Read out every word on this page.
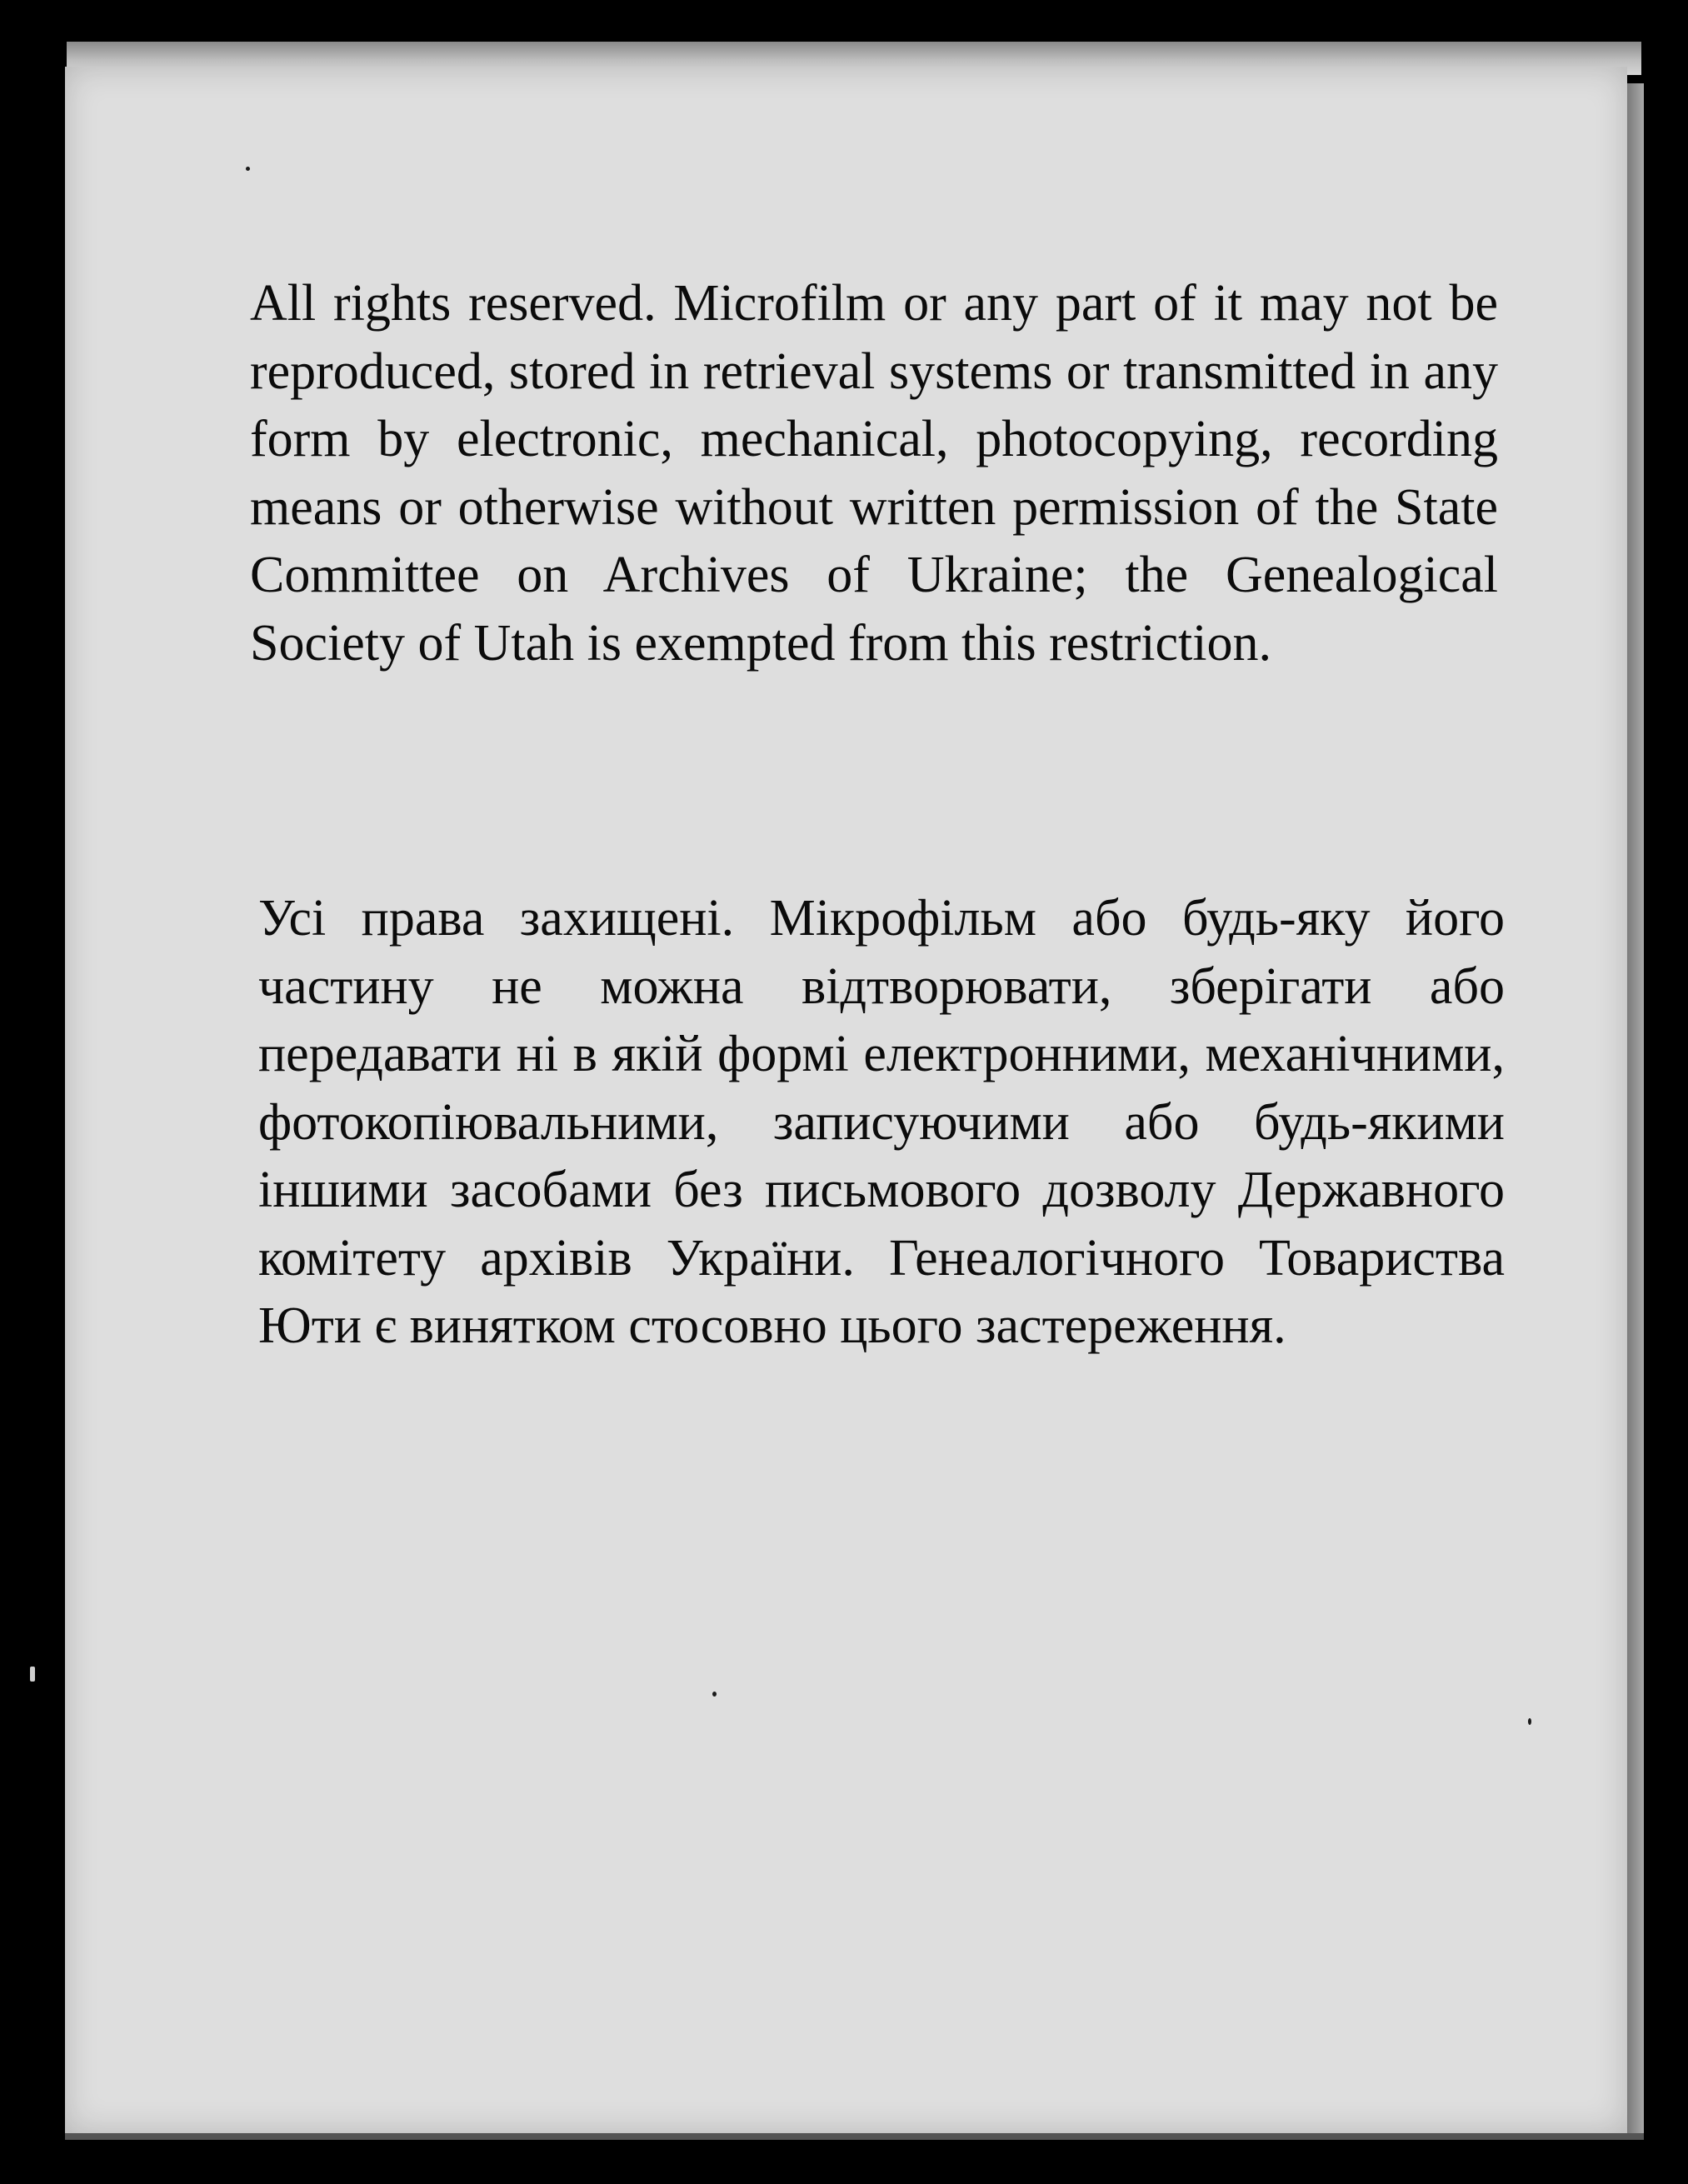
All rights reserved. Microfilm or any part of it may not be reproduced, stored in retrieval systems or transmitted in any form by electronic, mechanical, photocopying, recording means or otherwise without written permission of the State Committee on Archives of Ukraine; the Genealogical Society of Utah is exempted from this restriction.

Усі права захищені. Мікрофільм або будь-яку його частину не можна відтворювати, зберігати або передавати ні в якій формі електронними, механічними, фотокопіювальними, записуючими або будь-якими іншими засобами без письмового дозволу Державного комітету архівів України. Генеалогічного Товариства Юти є винятком стосовно цього застереження.
